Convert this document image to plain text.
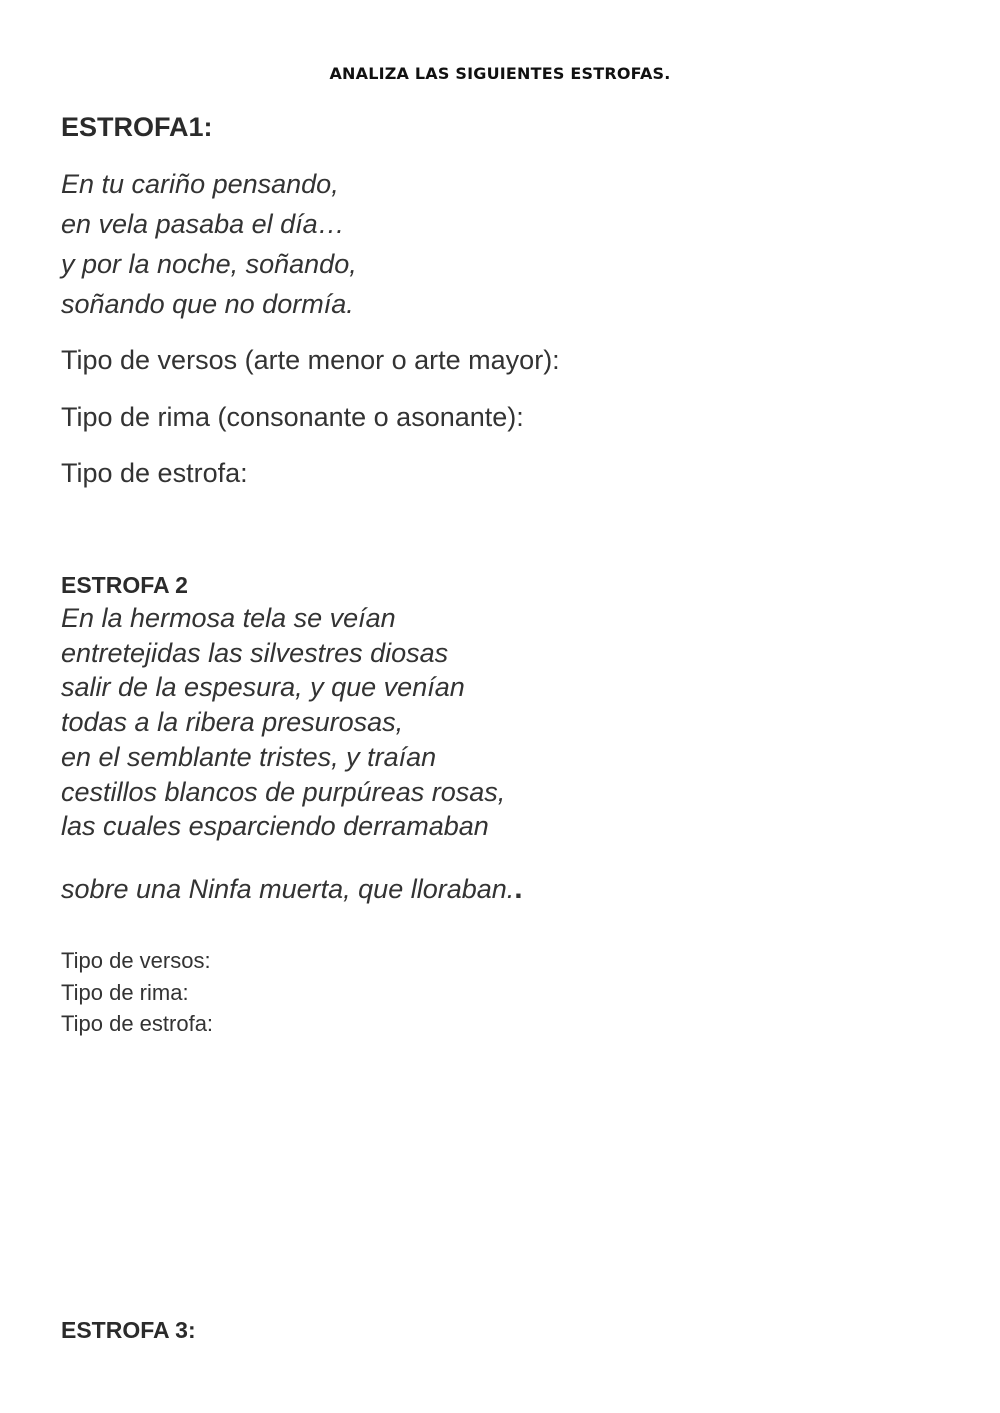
ANALIZA LAS SIGUIENTES ESTROFAS.
ESTROFA1:
En tu cariño pensando,
en vela pasaba el día…
y por la noche, soñando,
soñando que no dormía.
Tipo de versos (arte menor o arte mayor):
Tipo de rima (consonante o asonante):
Tipo de estrofa:
ESTROFA 2
En la hermosa tela se veían
entretejidas las silvestres diosas
salir de la espesura, y que venían
todas a la ribera presurosas,
en el semblante tristes, y traían
cestillos blancos de purpúreas rosas,
las cuales esparciendo derramaban
sobre una Ninfa muerta, que lloraban..
Tipo de versos:
Tipo de rima:
Tipo de estrofa:
ESTROFA 3:
